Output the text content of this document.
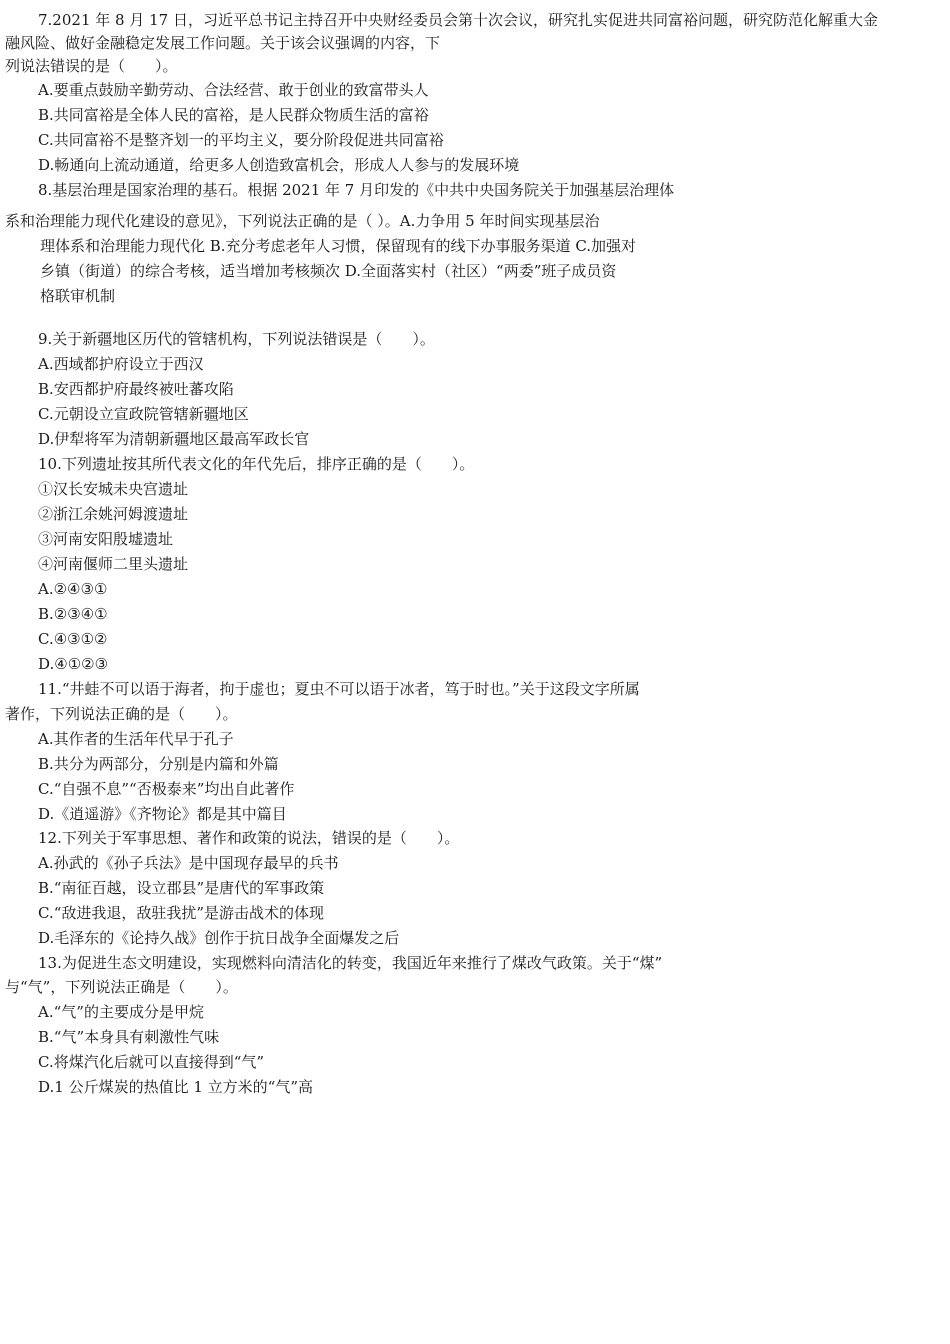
7.2021 年 8 月 17 日，习近平总书记主持召开中央财经委员会第十次会议，研究扎实促进共同富裕问题，研究防范化解重大金
融风险、做好金融稳定发展工作问题。关于该会议强调的内容，下
列说法错误的是（　　）。
A.要重点鼓励辛勤劳动、合法经营、敢于创业的致富带头人
B.共同富裕是全体人民的富裕，是人民群众物质生活的富裕
C.共同富裕不是整齐划一的平均主义，要分阶段促进共同富裕
D.畅通向上流动通道，给更多人创造致富机会，形成人人参与的发展环境
8.基层治理是国家治理的基石。根据 2021 年 7 月印发的《中共中央国务院关于加强基层治理体
系和治理能力现代化建设的意见》，下列说法正确的是（ ）。A.力争用 5 年时间实现基层治
理体系和治理能力现代化 B.充分考虑老年人习惯，保留现有的线下办事服务渠道 C.加强对
乡镇（街道）的综合考核，适当增加考核频次 D.全面落实村（社区）“两委”班子成员资
格联审机制
9.关于新疆地区历代的管辖机构，下列说法错误是（　　）。
A.西域都护府设立于西汉
B.安西都护府最终被吐蕃攻陷
C.元朝设立宣政院管辖新疆地区
D.伊犁将军为清朝新疆地区最高军政长官
10.下列遗址按其所代表文化的年代先后，排序正确的是（　　）。
①汉长安城未央宫遗址
②浙江余姚河姆渡遗址
③河南安阳殷墟遗址
④河南偃师二里头遗址
A.②④③①
B.②③④①
C.④③①②
D.④①②③
11.“井蛙不可以语于海者，拘于虚也；夏虫不可以语于冰者，笃于时也。”关于这段文字所属
著作，下列说法正确的是（　　）。
A.其作者的生活年代早于孔子
B.共分为两部分，分别是内篇和外篇
C.“自强不息”“否极泰来”均出自此著作
D.《逍遥游》《齐物论》都是其中篇目
12.下列关于军事思想、著作和政策的说法，错误的是（　　）。
A.孙武的《孙子兵法》是中国现存最早的兵书
B.“南征百越，设立郡县”是唐代的军事政策
C.“敌进我退，敌驻我扰”是游击战术的体现
D.毛泽东的《论持久战》创作于抗日战争全面爆发之后
13.为促进生态文明建设，实现燃料向清洁化的转变，我国近年来推行了煤改气政策。关于“煤”
与“气”，下列说法正确是（　　）。
A.“气”的主要成分是甲烷
B.“气”本身具有刺激性气味
C.将煤汽化后就可以直接得到“气”
D.1 公斤煤炭的热值比 1 立方米的“气”高
